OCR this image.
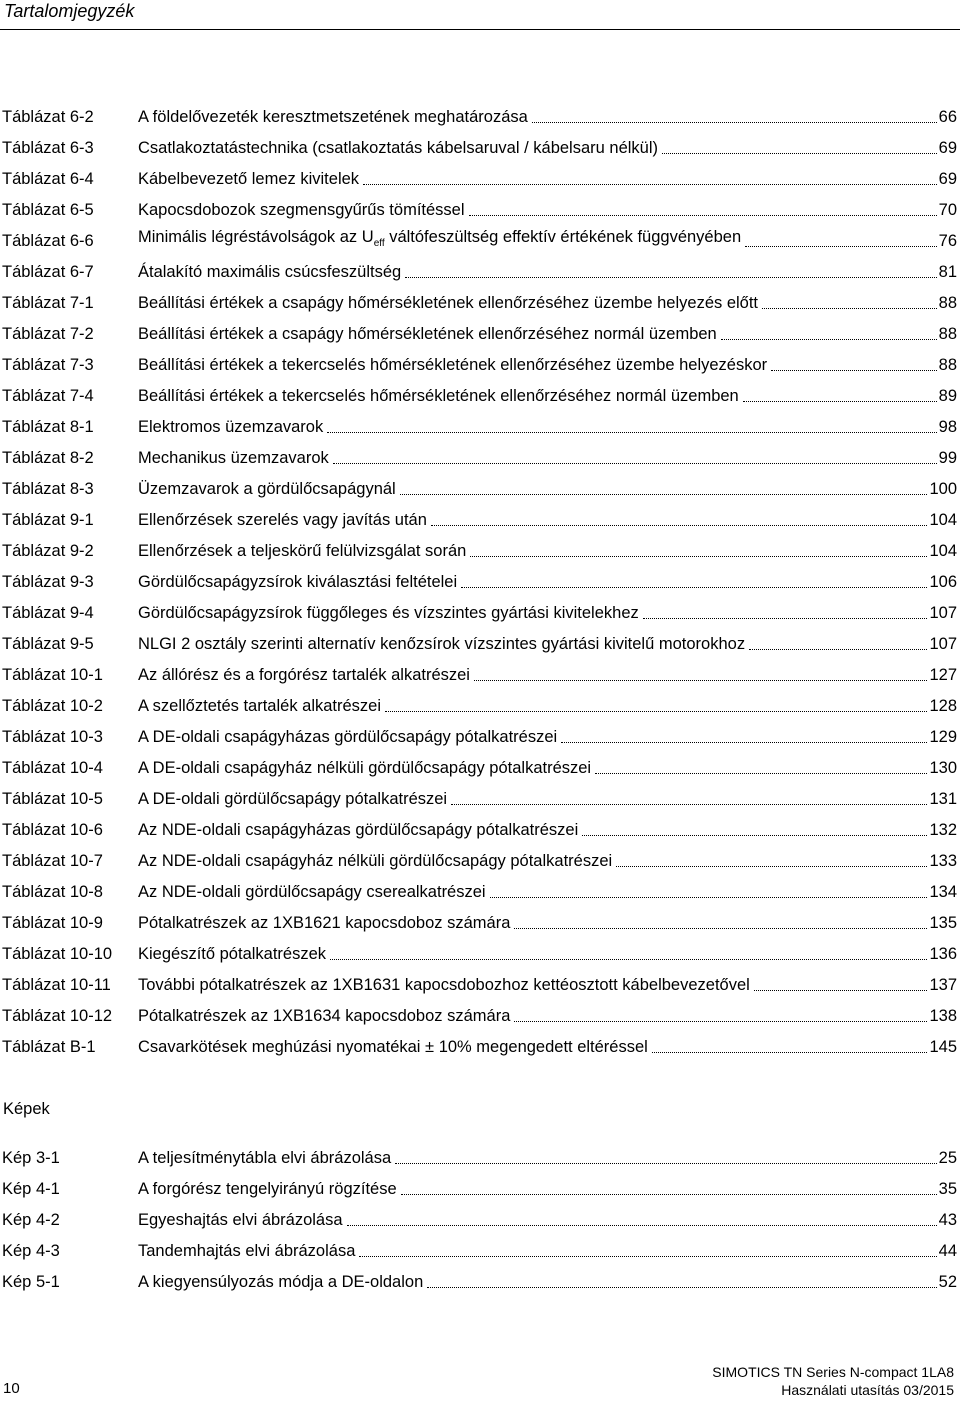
Tartalomjegyzék
Táblázat 6-2	A földelővezeték keresztmetszetének meghatározása	66
Táblázat 6-3	Csatlakoztatástechnika (csatlakoztatás kábelsaruval / kábelsaru nélkül)	69
Táblázat 6-4	Kábelbevezető lemez kivitelek	69
Táblázat 6-5	Kapocsdobozok szegmensgyűrűs tömítéssel	70
Táblázat 6-6	Minimális légréstávolságok az $U_{eff}$ váltófeszültség effektív értékének függvényében	76
Táblázat 6-7	Átalakító maximális csúcsfeszültség	81
Táblázat 7-1	Beállítási értékek a csapágy hőmérsékletének ellenőrzéséhez üzembe helyezés előtt	88
Táblázat 7-2	Beállítási értékek a csapágy hőmérsékletének ellenőrzéséhez normál üzemben	88
Táblázat 7-3	Beállítási értékek a tekercselés hőmérsékletének ellenőrzéséhez üzembe helyezéskor	88
Táblázat 7-4	Beállítási értékek a tekercselés hőmérsékletének ellenőrzéséhez normál üzemben	89
Táblázat 8-1	Elektromos üzemzavarok	98
Táblázat 8-2	Mechanikus üzemzavarok	99
Táblázat 8-3	Üzemzavarok a gördülőcsapágynál	100
Táblázat 9-1	Ellenőrzések szerelés vagy javítás után	104
Táblázat 9-2	Ellenőrzések a teljeskörű felülvizsgálat során	104
Táblázat 9-3	Gördülőcsapágyzsírok kiválasztási feltételei	106
Táblázat 9-4	Gördülőcsapágyzsírok függőleges és vízszintes gyártási kivitelekhez	107
Táblázat 9-5	NLGI 2 osztály szerinti alternatív kenőzsírok vízszintes gyártási kivitelű motorokhoz	107
Táblázat 10-1	Az állórész és a forgórész tartalék alkatrészei	127
Táblázat 10-2	A szellőztetés tartalék alkatrészei	128
Táblázat 10-3	A DE-oldali csapágyházas gördülőcsapágy pótalkatrészei	129
Táblázat 10-4	A DE-oldali csapágyház nélküli gördülőcsapágy pótalkatrészei	130
Táblázat 10-5	A DE-oldali gördülőcsapágy pótalkatrészei	131
Táblázat 10-6	Az NDE-oldali csapágyházas gördülőcsapágy pótalkatrészei	132
Táblázat 10-7	Az NDE-oldali csapágyház nélküli gördülőcsapágy pótalkatrészei	133
Táblázat 10-8	Az NDE-oldali gördülőcsapágy cserealkatrészei	134
Táblázat 10-9	Pótalkatrészek az 1XB1621 kapocsdoboz számára	135
Táblázat 10-10	Kiegészítő pótalkatrészek	136
Táblázat 10-11	További pótalkatrészek az 1XB1631 kapocsdobozhoz kettéosztott kábelbevezetővel	137
Táblázat 10-12	Pótalkatrészek az 1XB1634 kapocsdoboz számára	138
Táblázat B-1	Csavarkötések meghúzási nyomatékai ± 10% megengedett eltéréssel	145
Képek
Kép 3-1	A teljesítménytábla elvi ábrázolása	25
Kép 4-1	A forgórész tengelyirányú rögzítése	35
Kép 4-2	Egyeshajtás elvi ábrázolása	43
Kép 4-3	Tandemhajtás elvi ábrázolása	44
Kép 5-1	A kiegyensúlyozás módja a DE-oldalon	52
10
SIMOTICS TN Series N-compact 1LA8
Használati utasítás 03/2015
